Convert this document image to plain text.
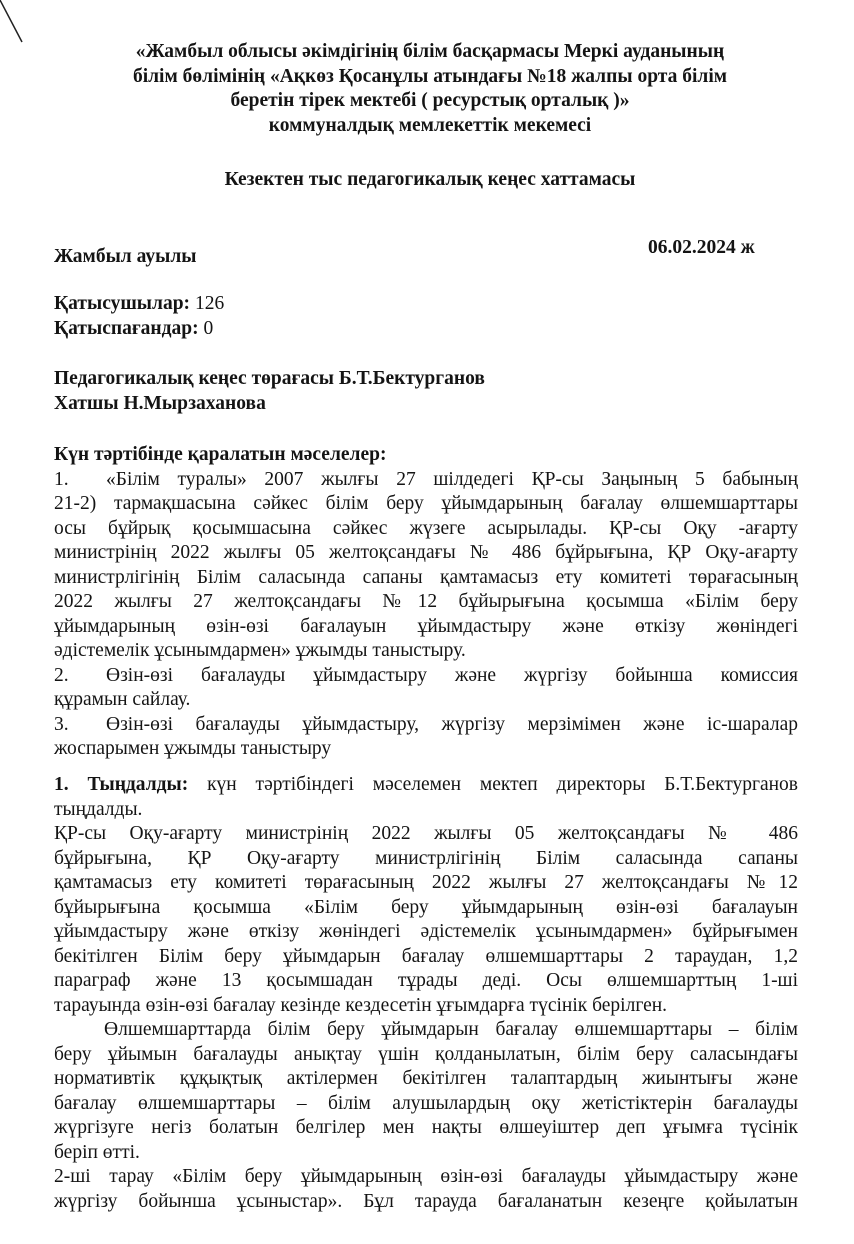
«Жамбыл облысы әкімдігінің білім басқармасы Меркі ауданының
білім бөлімінің «Ақкөз Қосанұлы атындағы №18 жалпы орта білім
беретін тірек мектебі ( ресурстық орталық )»
коммуналдық мемлекеттік мекемесі
Кезектен тыс педагогикалық кеңес хаттамасы
Жамбыл ауылы	06.02.2024 ж
Қатысушылар: 126
Қатыспағандар: 0
Педагогикалық кеңес төрағасы Б.Т.Бектурганов
Хатшы Н.Мырзаханова
Күн тәртібінде қаралатын мәселелер:
1. «Білім туралы» 2007 жылғы 27 шілдедегі ҚР-сы Заңының 5 бабының
21-2) тармақшасына сәйкес білім беру ұйымдарының бағалау өлшемшарттары
осы бұйрық қосымшасына сәйкес жүзеге асырылады. ҚР-сы Оқу -ағарту
министрінің 2022 жылғы 05 желтоқсандағы № 486 бұйрығына, ҚР Оқу-ағарту
министрлігінің Білім саласында сапаны қамтамасыз ету комитеті төрағасының
2022 жылғы 27 желтоқсандағы №12 бұйырығына қосымша «Білім беру
ұйымдарының өзін-өзі бағалауын ұйымдастыру және өткізу жөніндегі
әдістемелік ұсынымдармен» ұжымды таныстыру.
2. Өзін-өзі бағалауды ұйымдастыру және жүргізу бойынша комиссия
құрамын сайлау.
3. Өзін-өзі бағалауды ұйымдастыру, жүргізу мерзімімен және іс-шаралар
жоспарымен ұжымды таныстыру
1. Тыңдалды: күн тәртібіндегі мәселемен мектеп директоры Б.Т.Бектурганов
тыңдалды.
ҚР-сы Оқу-ағарту министрінің 2022 жылғы 05 желтоқсандағы № 486
бұйрығына, ҚР Оқу-ағарту министрлігінің Білім саласында сапаны
қамтамасыз ету комитеті төрағасының 2022 жылғы 27 желтоқсандағы №12
бұйырығына қосымша «Білім беру ұйымдарының өзін-өзі бағалауын
ұйымдастыру және өткізу жөніндегі әдістемелік ұсынымдармен» бұйрығымен
бекітілген Білім беру ұйымдарын бағалау өлшемшарттары 2 тараудан, 1,2
параграф және 13 қосымшадан тұрады деді. Осы өлшемшарттың 1-ші
тарауында өзін-өзі бағалау кезінде кездесетін ұғымдарға түсінік берілген.
Өлшемшарттарда білім беру ұйымдарын бағалау өлшемшарттары – білім
беру ұйымын бағалауды анықтау үшін қолданылатын, білім беру саласындағы
нормативтік құқықтық актілермен бекітілген талаптардың жиынтығы және
бағалау өлшемшарттары – білім алушылардың оқу жетістіктерін бағалауды
жүргізуге негіз болатын белгілер мен нақты өлшеуіштер деп ұғымға түсінік
беріп өтті.
2-ші тарау «Білім беру ұйымдарының өзін-өзі бағалауды ұйымдастыру және
жүргізу бойынша ұсыныстар». Бұл тарауда бағаланатын кезеңге қойылатын
